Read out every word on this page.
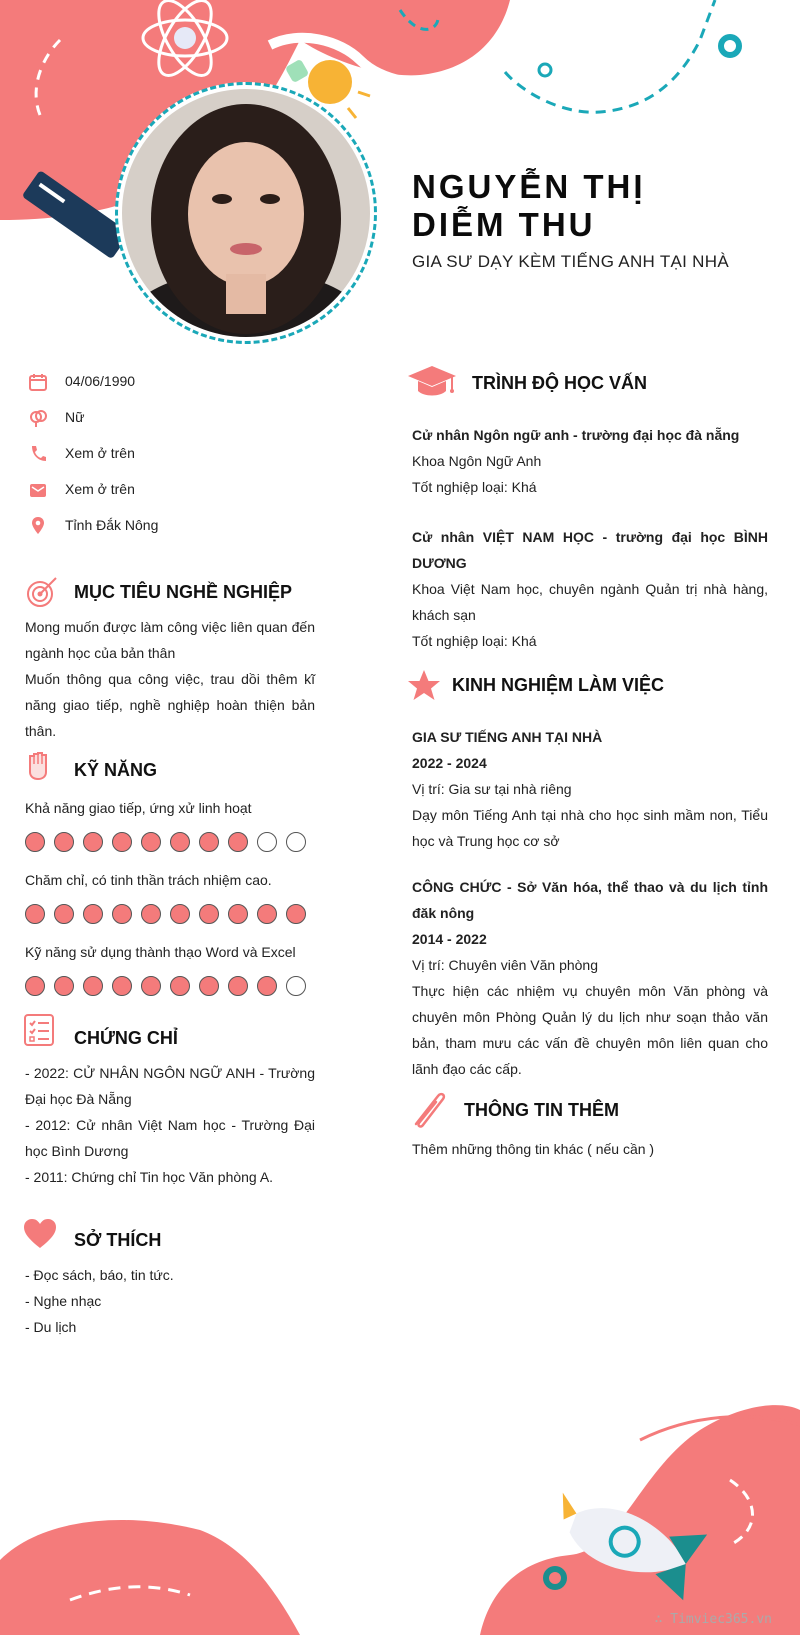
NGUYỄN THỊ DIỄM THU
GIA SƯ DẠY KÈM TIẾNG ANH TẠI NHÀ
04/06/1990
Nữ
Xem ở trên
Xem ở trên
Tỉnh Đắk Nông
MỤC TIÊU NGHỀ NGHIỆP
Mong muốn được làm công việc liên quan đến ngành học của bản thân
Muốn thông qua công việc, trau dồi thêm kĩ năng giao tiếp, nghề nghiệp hoàn thiện bản thân.
KỸ NĂNG
Khả năng giao tiếp, ứng xử linh hoạt
Chăm chỉ, có tinh thần trách nhiệm cao.
Kỹ năng sử dụng thành thạo Word và Excel
CHỨNG CHỈ
- 2022: CỬ NHÂN NGÔN NGỮ ANH - Trường Đại học Đà Nẵng
- 2012: Cử nhân Việt Nam học - Trường Đại học Bình Dương
- 2011: Chứng chỉ Tin học Văn phòng A.
SỞ THÍCH
- Đọc sách, báo, tin tức.
- Nghe nhạc
- Du lịch
TRÌNH ĐỘ HỌC VẤN
Cử nhân Ngôn ngữ anh - trường đại học đà nẵng
Khoa Ngôn Ngữ Anh
Tốt nghiệp loại: Khá
Cử nhân VIỆT NAM HỌC - trường đại học BÌNH DƯƠNG
Khoa Việt Nam học, chuyên ngành Quản trị nhà hàng, khách sạn
Tốt nghiệp loại: Khá
KINH NGHIỆM LÀM VIỆC
GIA SƯ TIẾNG ANH TẠI NHÀ
2022 - 2024
Vị trí: Gia sư tại nhà riêng
Dạy môn Tiếng Anh tại nhà cho học sinh mầm non, Tiểu học và Trung học cơ sở
CÔNG CHỨC - Sở Văn hóa, thể thao và du lịch tỉnh đăk nông
2014 - 2022
Vị trí: Chuyên viên Văn phòng
Thực hiện các nhiệm vụ chuyên môn Văn phòng và chuyên môn Phòng Quản lý du lịch như soạn thảo văn bản, tham mưu các vấn đề chuyên môn liên quan cho lãnh đạo các cấp.
THÔNG TIN THÊM
Thêm những thông tin khác ( nếu cần )
∴ Timviec365.vn
